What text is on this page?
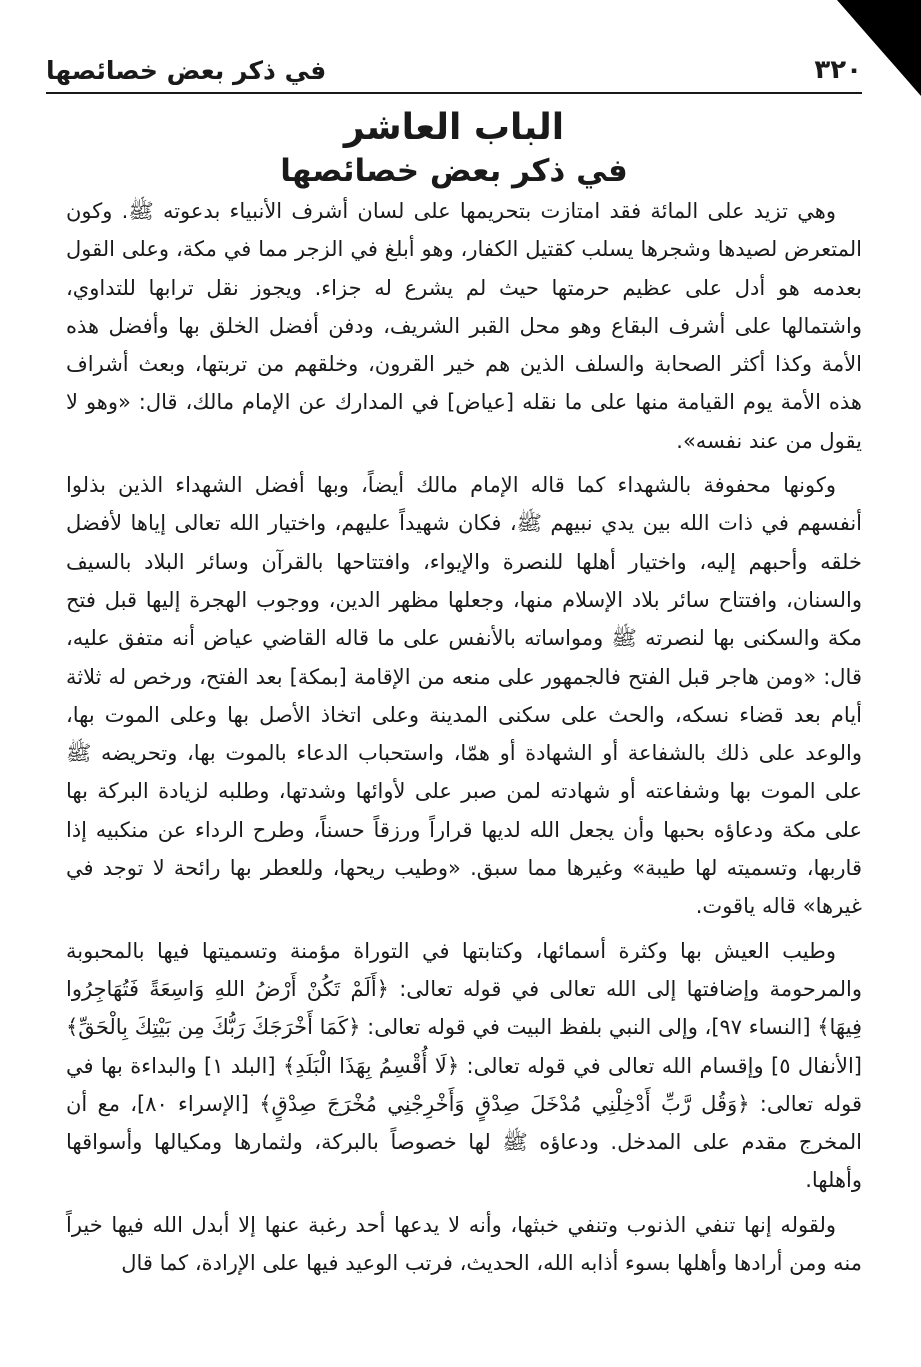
٣٢٠
في ذكر بعض خصائصها
الباب العاشر
في ذكر بعض خصائصها

وهي تزيد على المائة فقد امتازت بتحريمها على لسان أشرف الأنبياء بدعوته ﷺ. وكون المتعرض لصيدها وشجرها يسلب كقتيل الكفار، وهو أبلغ في الزجر مما في مكة، وعلى القول بعدمه هو أدل على عظيم حرمتها حيث لم يشرع له جزاء. ويجوز نقل ترابها للتداوي، واشتمالها على أشرف البقاع وهو محل القبر الشريف، ودفن أفضل الخلق بها وأفضل هذه الأمة وكذا أكثر الصحابة والسلف الذين هم خير القرون، وخلقهم من تربتها، وبعث أشراف هذه الأمة يوم القيامة منها على ما نقله [عياض] في المدارك عن الإمام مالك، قال: «وهو لا يقول من عند نفسه».

وكونها محفوفة بالشهداء كما قاله الإمام مالك أيضاً، وبها أفضل الشهداء الذين بذلوا أنفسهم في ذات الله بين يدي نبيهم ﷺ، فكان شهيداً عليهم، واختيار الله تعالى إياها لأفضل خلقه وأحبهم إليه، واختيار أهلها للنصرة والإيواء، وافتتاحها بالقرآن وسائر البلاد بالسيف والسنان، وافتتاح سائر بلاد الإسلام منها، وجعلها مظهر الدين، ووجوب الهجرة إليها قبل فتح مكة والسكنى بها لنصرته ﷺ ومواساته بالأنفس على ما قاله القاضي عياض أنه متفق عليه، قال: «ومن هاجر قبل الفتح فالجمهور على منعه من الإقامة [بمكة] بعد الفتح، ورخص له ثلاثة أيام بعد قضاء نسكه، والحث على سكنى المدينة وعلى اتخاذ الأصل بها وعلى الموت بها، والوعد على ذلك بالشفاعة أو الشهادة أو همّا، واستحباب الدعاء بالموت بها، وتحريضه ﷺ على الموت بها وشفاعته أو شهادته لمن صبر على لأوائها وشدتها، وطلبه لزيادة البركة بها على مكة ودعاؤه بحبها وأن يجعل الله لديها قراراً ورزقاً حسناً، وطرح الرداء عن منكبيه إذا قاربها، وتسميته لها طيبة» وغيرها مما سبق. «وطيب ريحها، وللعطر بها رائحة لا توجد في غيرها» قاله ياقوت.

وطيب العيش بها وكثرة أسمائها، وكتابتها في التوراة مؤمنة وتسميتها فيها بالمحبوبة والمرحومة وإضافتها إلى الله تعالى في قوله تعالى: ﴿أَلَمْ تَكُنْ أَرْضُ اللهِ وَاسِعَةً فَتُهَاجِرُوا فِيهَا﴾ [النساء ٩٧]، وإلى النبي بلفظ البيت في قوله تعالى: ﴿كَمَا أَخْرَجَكَ رَبُّكَ مِن بَيْتِكَ بِالْحَقِّ﴾ [الأنفال ٥] وإقسام الله تعالى في قوله تعالى: ﴿لَا أُقْسِمُ بِهَذَا الْبَلَدِ﴾ [البلد ١] والبداءة بها في قوله تعالى: ﴿وَقُل رَّبِّ أَدْخِلْنِي مُدْخَلَ صِدْقٍ وَأَخْرِجْنِي مُخْرَجَ صِدْقٍ﴾ [الإسراء ٨٠]، مع أن المخرج مقدم على المدخل. ودعاؤه ﷺ لها خصوصاً بالبركة، ولثمارها ومكيالها وأسواقها وأهلها.

ولقوله إنها تنفي الذنوب وتنفي خبثها، وأنه لا يدعها أحد رغبة عنها إلا أبدل الله فيها خيراً منه ومن أرادها وأهلها بسوء أذابه الله، الحديث، فرتب الوعيد فيها على الإرادة، كما قال
